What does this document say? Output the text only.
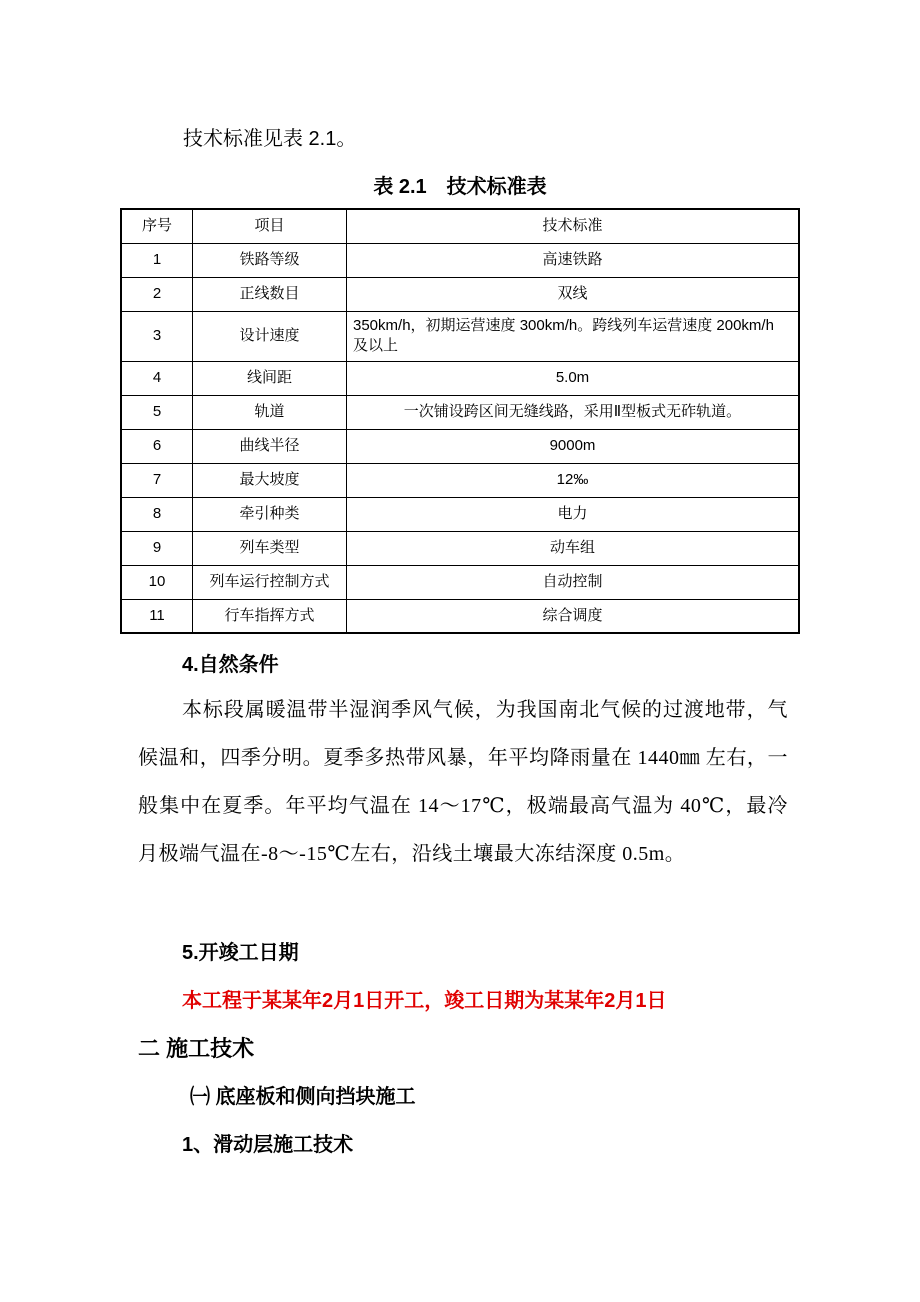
技术标准见表 2.1。
表 2.1　技术标准表
序号	项目	技术标准
1	铁路等级	高速铁路
2	正线数目	双线
3	设计速度	350km/h，初期运营速度 300km/h。跨线列车运营速度 200km/h 及以上
4	线间距	5.0m
5	轨道	一次铺设跨区间无缝线路，采用Ⅱ型板式无砟轨道。
6	曲线半径	9000m
7	最大坡度	12‰
8	牵引种类	电力
9	列车类型	动车组
10	列车运行控制方式	自动控制
11	行车指挥方式	综合调度
4.自然条件

本标段属暖温带半湿润季风气候，为我国南北气候的过渡地带，气候温和，四季分明。夏季多热带风暴，年平均降雨量在 1440㎜ 左右，一般集中在夏季。年平均气温在 14～17℃，极端最高气温为 40℃，最冷月极端气温在-8～-15℃左右，沿线土壤最大冻结深度 0.5m。

5.开竣工日期
本工程于某某年2月1日开工，竣工日期为某某年2月1日
二 施工技术
㈠ 底座板和侧向挡块施工
1、滑动层施工技术
